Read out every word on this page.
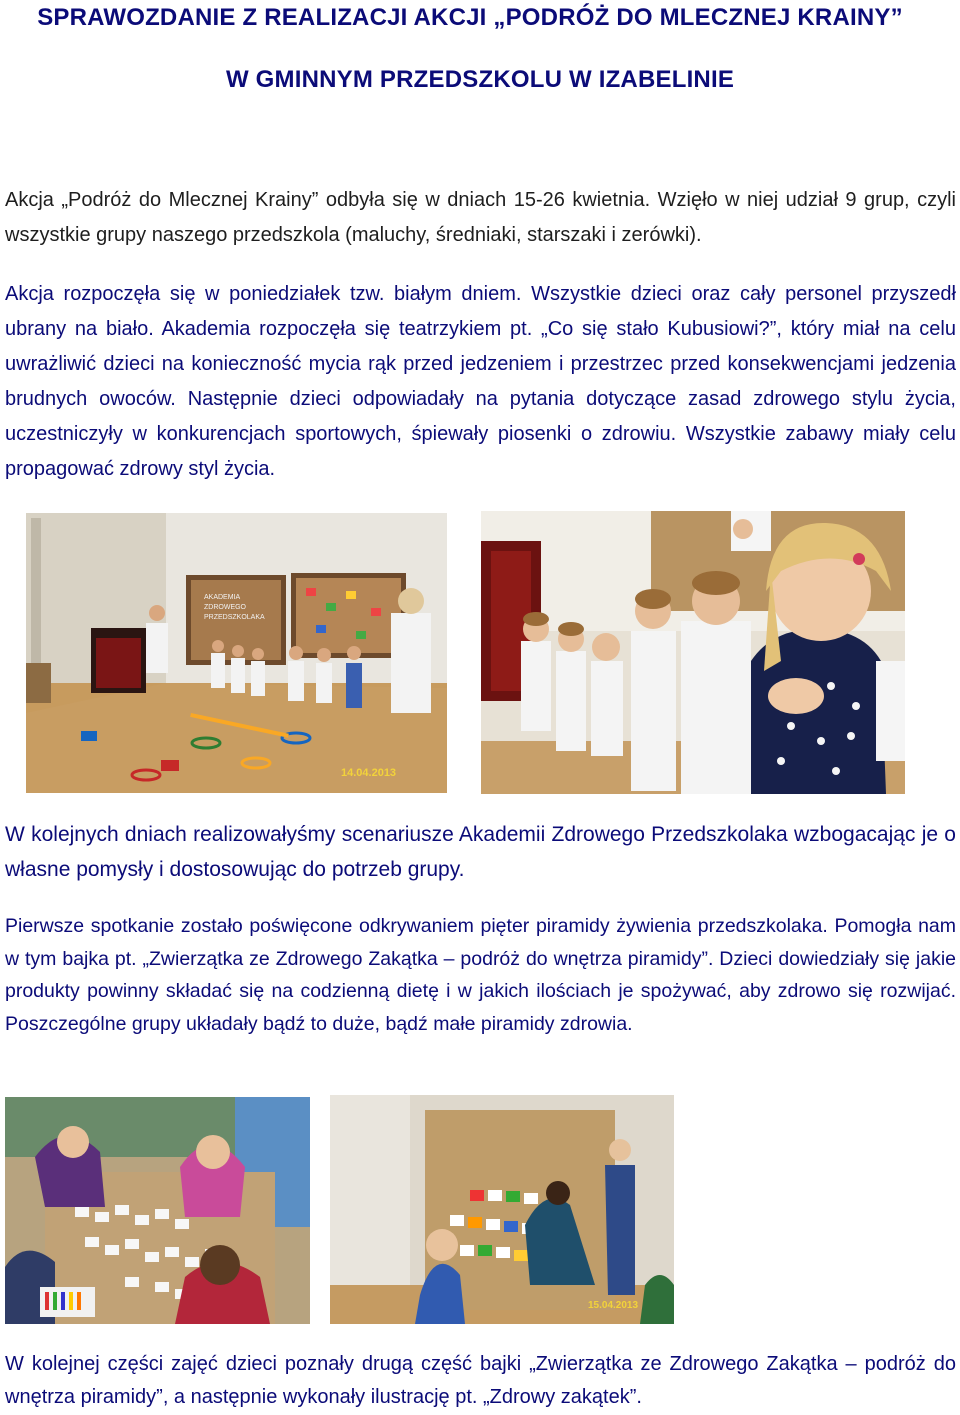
SPRAWOZDANIE Z REALIZACJI AKCJI „PODRÓŻ DO MLECZNEJ KRAINY”
W GMINNYM PRZEDSZKOLU W IZABELINIE

Akcja „Podróż do Mlecznej Krainy” odbyła się w dniach 15-26 kwietnia. Wzięło w niej udział 9 grup, czyli wszystkie grupy naszego przedszkola (maluchy, średniaki, starszaki i zerówki).

Akcja rozpoczęła się w poniedziałek tzw. białym dniem. Wszystkie dzieci oraz cały personel przyszedł ubrany na biało. Akademia rozpoczęła się teatrzykiem pt. „Co się stało Kubusiowi?”, który miał na celu uwrażliwić dzieci na konieczność mycia rąk przed jedzeniem i przestrzec przed konsekwencjami jedzenia brudnych owoców. Następnie dzieci odpowiadały na pytania dotyczące zasad zdrowego stylu życia, uczestniczyły w konkurencjach sportowych, śpiewały piosenki o zdrowiu. Wszystkie zabawy miały celu propagować zdrowy styl życia.

AKADEMIA
ZDROWEGO
PRZEDSZKOLAKA
14.04.2013

W kolejnych dniach realizowałyśmy scenariusze Akademii Zdrowego Przedszkolaka wzbogacając je o własne pomysły i dostosowując do potrzeb grupy.

Pierwsze spotkanie zostało poświęcone odkrywaniem pięter piramidy żywienia przedszkolaka. Pomogła nam w tym bajka pt. „Zwierzątka ze Zdrowego Zakątka – podróż do wnętrza piramidy”. Dzieci dowiedziały się jakie produkty powinny składać się na codzienną dietę i w jakich ilościach je spożywać, aby zdrowo się rozwijać. Poszczególne grupy układały bądź to duże, bądź małe piramidy zdrowia.

15.04.2013

W kolejnej części zajęć dzieci poznały drugą część bajki „Zwierzątka ze Zdrowego Zakątka – podróż do wnętrza piramidy”, a następnie wykonały ilustrację pt. „Zdrowy zakątek”.
